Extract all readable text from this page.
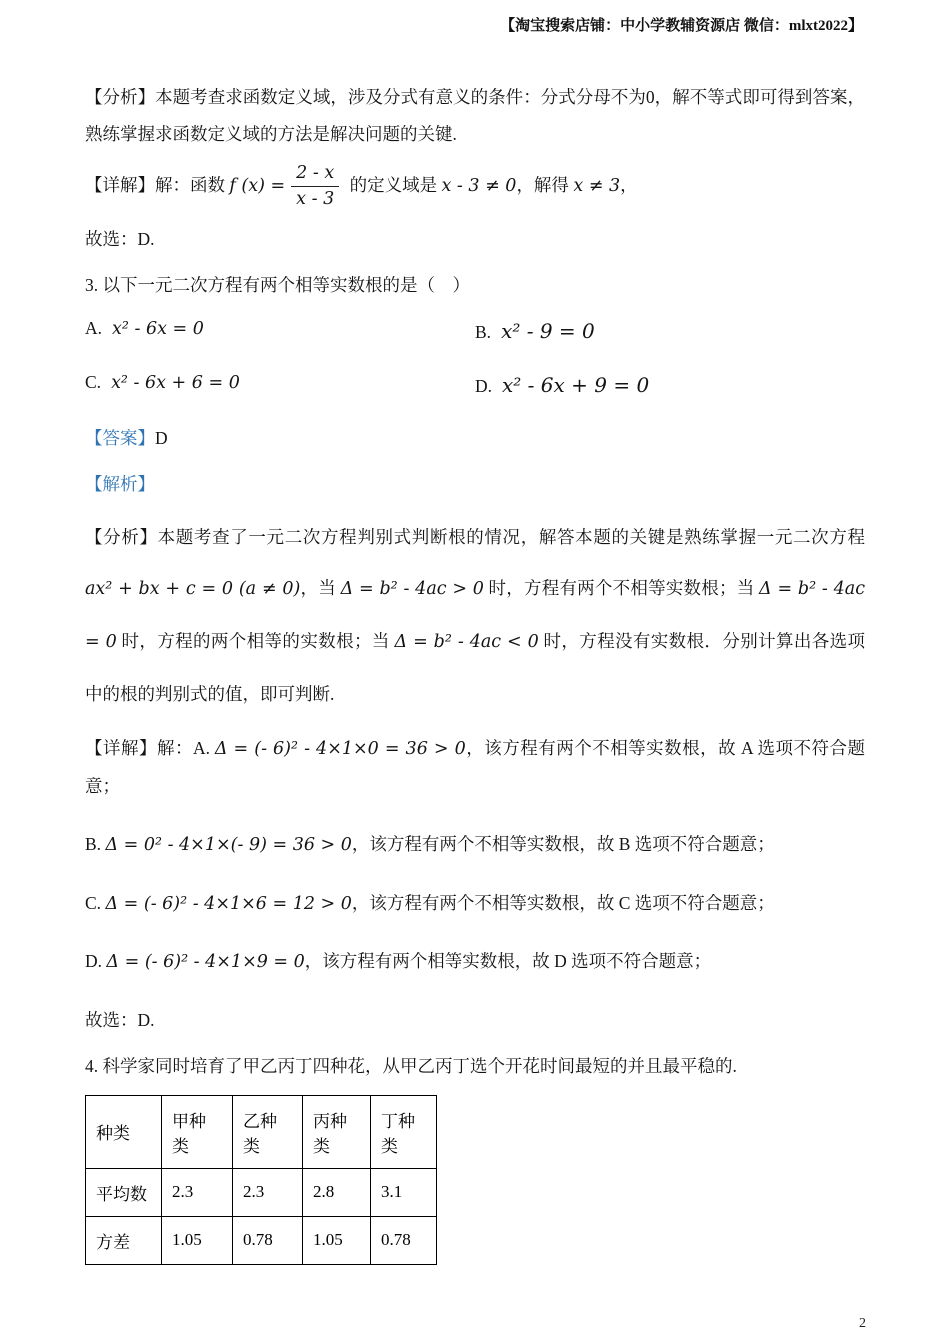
【淘宝搜索店铺：中小学教辅资源店 微信：mlxt2022】

【分析】本题考查求函数定义域，涉及分式有意义的条件：分式分母不为0，解不等式即可得到答案，熟练掌握求函数定义域的方法是解决问题的关键.

【详解】解：函数 f $(x) = \frac{2 - x}{x - 3}$ 的定义域是 x - 3 ≠ 0，解得 x ≠ 3，

故选：D.

3. 以下一元二次方程有两个相等实数根的是（　）

A. x² - 6x = 0	B. x² - 9 = 0

C. x² - 6x + 6 = 0	D. x² - 6x + 9 = 0

【答案】D

【解析】

【分析】本题考查了一元二次方程判别式判断根的情况，解答本题的关键是熟练掌握一元二次方程 ax² + bx + c = 0 (a ≠ 0)，当 Δ = b² - 4ac > 0 时，方程有两个不相等实数根；当 Δ = b² - 4ac = 0 时，方程的两个相等的实数根；当 Δ = b² - 4ac < 0 时，方程没有实数根．分别计算出各选项中的根的判别式的值，即可判断.

【详解】解：A. Δ = (- 6)² - 4×1×0 = 36 > 0，该方程有两个不相等实数根，故 A 选项不符合题意；

B. Δ = 0² - 4×1×(- 9) = 36 > 0，该方程有两个不相等实数根，故 B 选项不符合题意；

C. Δ = (- 6)² - 4×1×6 = 12 > 0，该方程有两个不相等实数根，故 C 选项不符合题意；

D. Δ = (- 6)² - 4×1×9 = 0，该方程有两个相等实数根，故 D 选项不符合题意；

故选：D.

4. 科学家同时培育了甲乙丙丁四种花，从甲乙丙丁选个开花时间最短的并且最平稳的.

种类	甲种类	乙种类	丙种类	丁种类
平均数	2.3	2.3	2.8	3.1
方差	1.05	0.78	1.05	0.78
2
